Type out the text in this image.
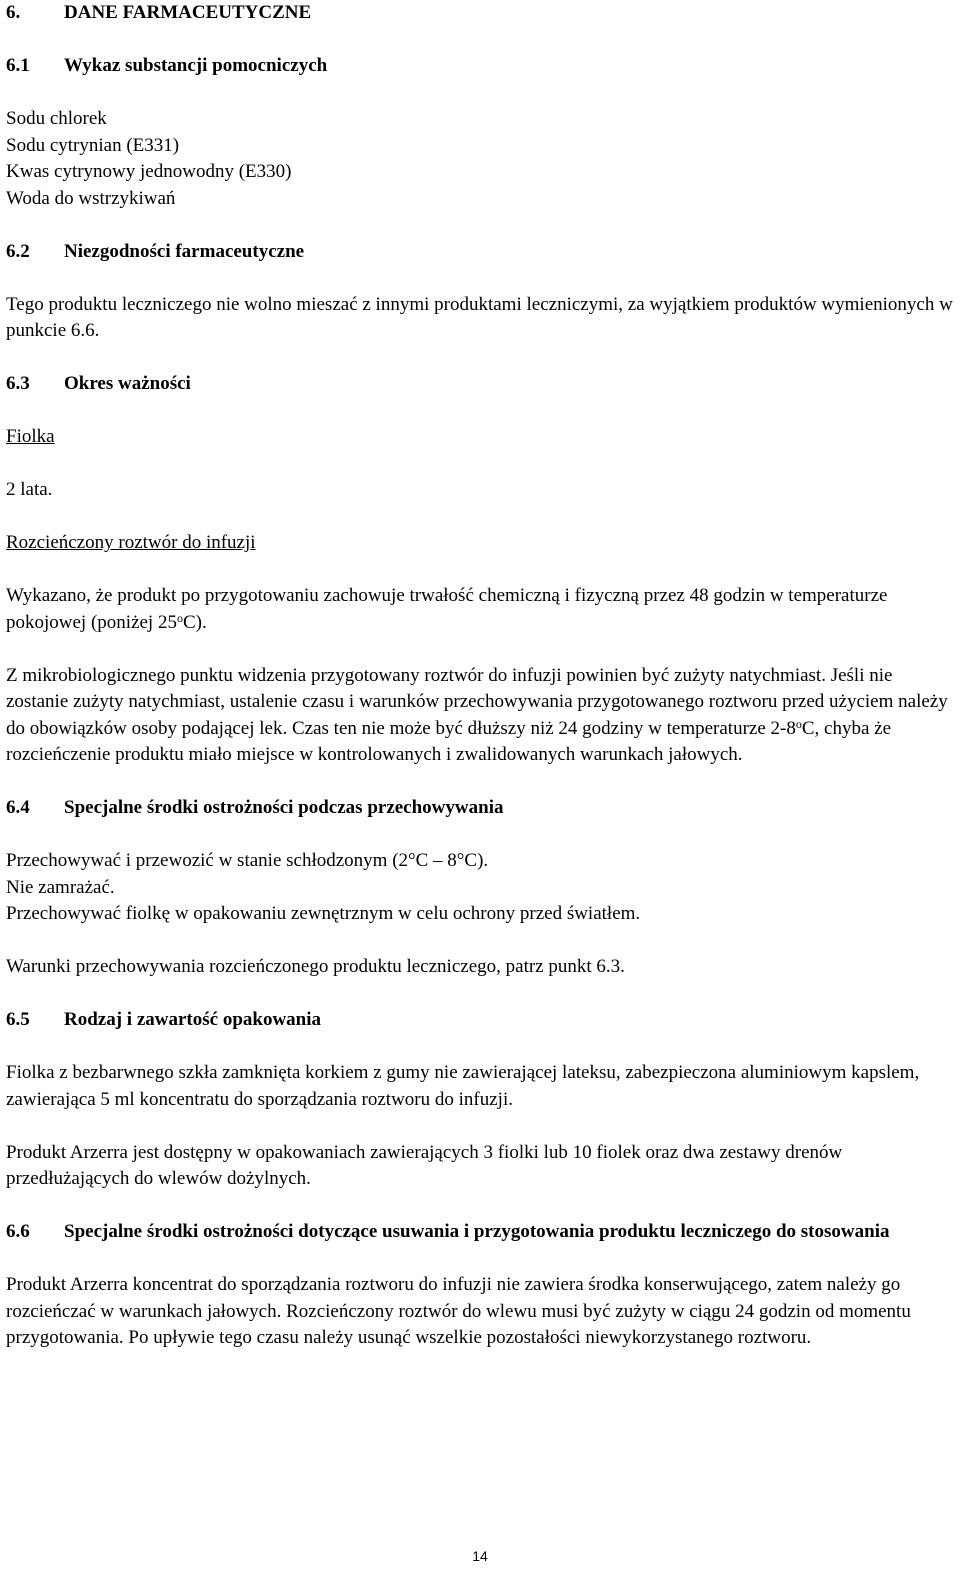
6.	DANE FARMACEUTYCZNE
6.1	Wykaz substancji pomocniczych

Sodu chlorek

Sodu cytrynian (E331)

Kwas cytrynowy jednowodny (E330)

Woda do wstrzykiwań

6.2	Niezgodności farmaceutyczne

Tego produktu leczniczego nie wolno mieszać z innymi produktami leczniczymi, za wyjątkiem produktów wymienionych w punkcie 6.6.

6.3	Okres ważności

Fiolka

2 lata.

Rozcieńczony roztwór do infuzji

Wykazano, że produkt po przygotowaniu zachowuje trwałość chemiczną i fizyczną przez 48 godzin w temperaturze pokojowej (poniżej 25$^o$C).

Z mikrobiologicznego punktu widzenia przygotowany roztwór do infuzji powinien być zużyty natychmiast. Jeśli nie zostanie zużyty natychmiast, ustalenie czasu i warunków przechowywania przygotowanego roztworu przed użyciem należy do obowiązków osoby podającej lek. Czas ten nie może być dłuższy niż 24 godziny w temperaturze 2-8$^o$C, chyba że rozcieńczenie produktu miało miejsce w kontrolowanych i zwalidowanych warunkach jałowych.

6.4	Specjalne środki ostrożności podczas przechowywania

Przechowywać i przewozić w stanie schłodzonym (2°C – 8°C).

Nie zamrażać.

Przechowywać fiolkę w opakowaniu zewnętrznym w celu ochrony przed światłem.

Warunki przechowywania rozcieńczonego produktu leczniczego, patrz punkt 6.3.

6.5	Rodzaj i zawartość opakowania

Fiolka z bezbarwnego szkła zamknięta korkiem z gumy nie zawierającej lateksu, zabezpieczona aluminiowym kapslem, zawierająca 5 ml koncentratu do sporządzania roztworu do infuzji.

Produkt Arzerra jest dostępny w opakowaniach zawierających 3 fiolki lub 10 fiolek oraz dwa zestawy drenów przedłużających do wlewów dożylnych.

6.6	Specjalne środki ostrożności dotyczące usuwania i przygotowania produktu leczniczego do stosowania

Produkt Arzerra koncentrat do sporządzania roztworu do infuzji nie zawiera środka konserwującego, zatem należy go rozcieńczać w warunkach jałowych. Rozcieńczony roztwór do wlewu musi być zużyty w ciągu 24 godzin od momentu przygotowania. Po upływie tego czasu należy usunąć wszelkie pozostałości niewykorzystanego roztworu.

14
